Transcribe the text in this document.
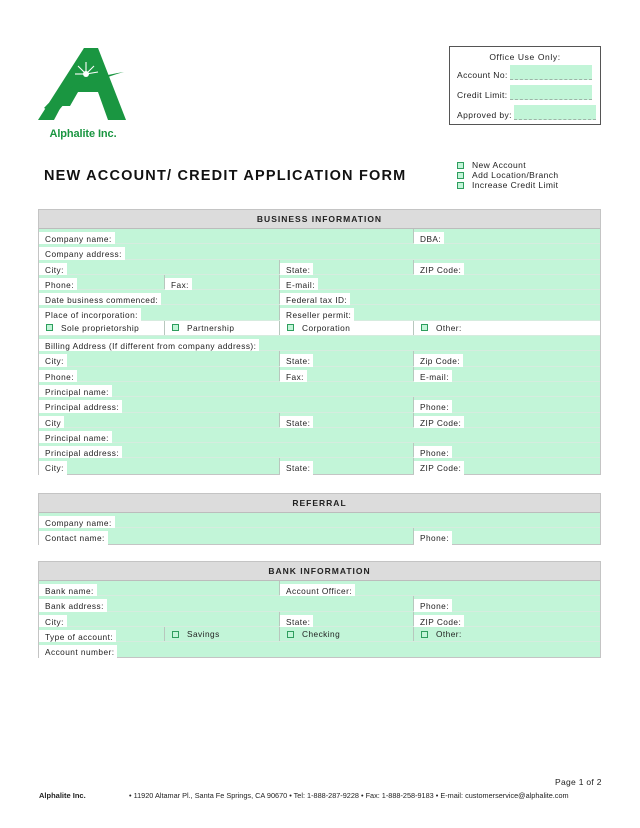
Alphalite Inc.
Office Use Only:
Account No:
Credit Limit:
Approved by:
NEW ACCOUNT/ CREDIT APPLICATION FORM
New Account
Add Location/Branch
Increase Credit Limit
BUSINESS INFORMATION
Company name:	DBA:
Company address:
City:	State:	ZIP Code:
Phone:	Fax:	E-mail:
Date business commenced:	Federal tax ID:
Place of incorporation:	Reseller permit:
Sole proprietorship	Partnership	Corporation	Other:
Billing Address (If different from company address):
City:	State:	Zip Code:
Phone:	Fax:	E-mail:
Principal name:
Principal address:	Phone:
City	State:	ZIP Code:
Principal name:
Principal address:	Phone:
City:	State:	ZIP Code:
REFERRAL
Company name:
Contact name:	Phone:
BANK INFORMATION
Bank name:	Account Officer:
Bank address:	Phone:
City:	State:	ZIP Code:
Type of account:	Savings	Checking	Other:
Account number:
Page 1 of 2
Alphalite Inc.	• 11920 Altamar Pl., Santa Fe Springs, CA 90670 • Tel: 1-888-287-9228 • Fax: 1-888-258-9183 • E-mail: customerservice@alphalite.com
